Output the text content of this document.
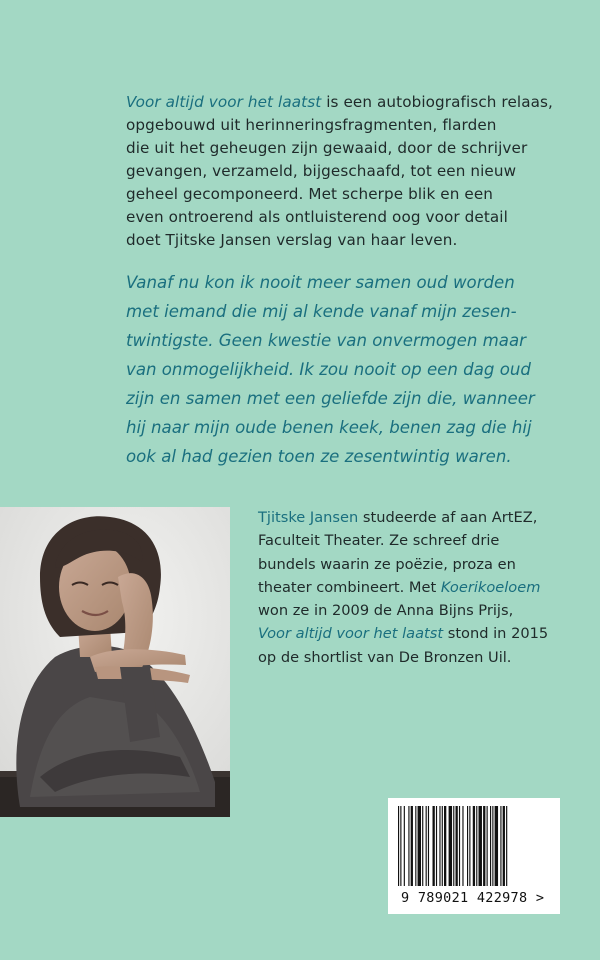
Voor altijd voor het laatst is een autobiografisch relaas,
opgebouwd uit herinneringsfragmenten, flarden
die uit het geheugen zijn gewaaid, door de schrijver
gevangen, verzameld, bijgeschaafd, tot een nieuw
geheel gecomponeerd. Met scherpe blik en een
even ontroerend als ontluisterend oog voor detail
doet Tjitske Jansen verslag van haar leven.
Vanaf nu kon ik nooit meer samen oud worden
met iemand die mij al kende vanaf mijn zesen-
twintigste. Geen kwestie van onvermogen maar
van onmogelijkheid. Ik zou nooit op een dag oud
zijn en samen met een geliefde zijn die, wanneer
hij naar mijn oude benen keek, benen zag die hij
ook al had gezien toen ze zesentwintig waren.
Tjitske Jansen studeerde af aan ArtEZ,
Faculteit Theater. Ze schreef drie
bundels waarin ze poëzie, proza en
theater combineert. Met Koerikoeloem
won ze in 2009 de Anna Bijns Prijs,
Voor altijd voor het laatst stond in 2015
op de shortlist van De Bronzen Uil.
9 789021 422978 >
